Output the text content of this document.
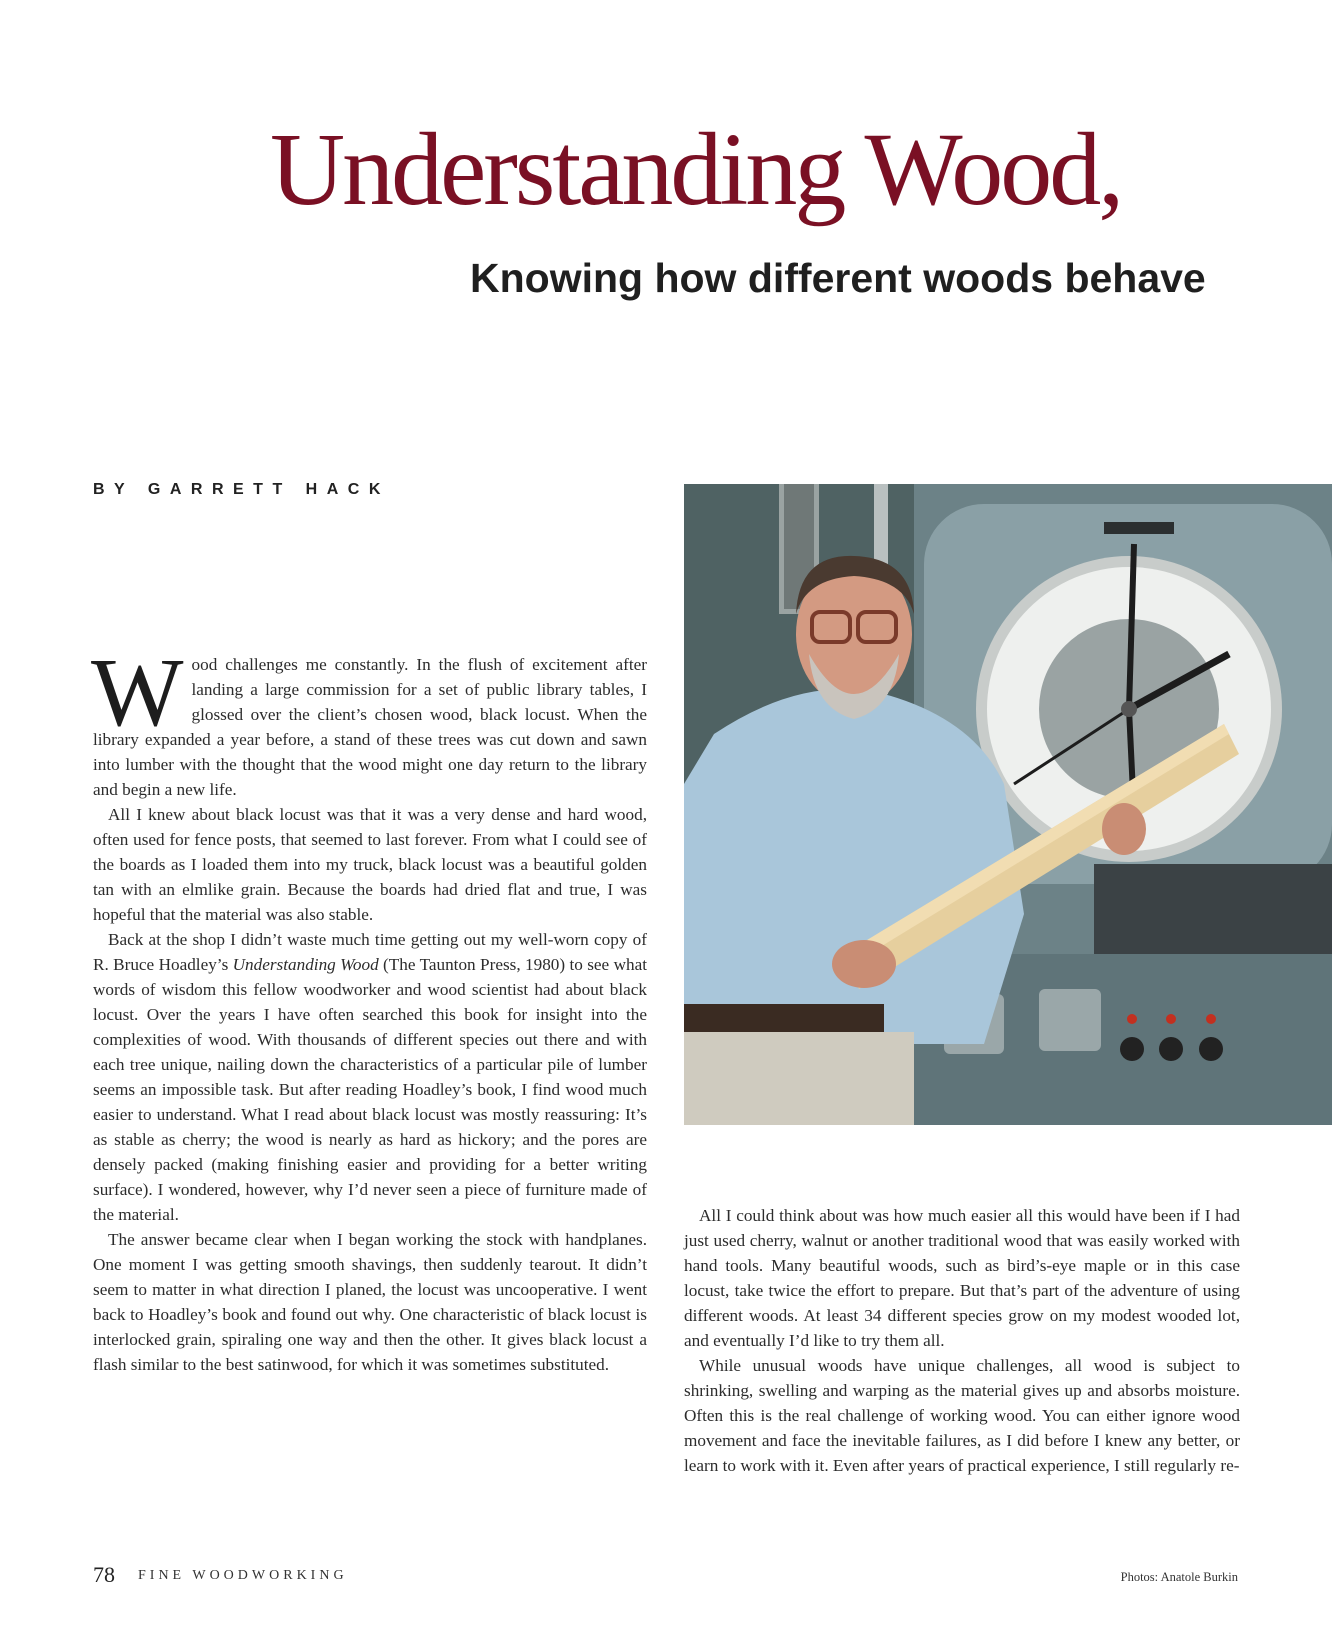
Understanding Wood,
Knowing how different woods behave
BY GARRETT HACK

Wood challenges me constantly. In the flush of excitement after landing a large commission for a set of public library tables, I glossed over the client’s chosen wood, black locust. When the library expanded a year before, a stand of these trees was cut down and sawn into lumber with the thought that the wood might one day return to the library and begin a new life.

All I knew about black locust was that it was a very dense and hard wood, often used for fence posts, that seemed to last forever. From what I could see of the boards as I loaded them into my truck, black locust was a beautiful golden tan with an elmlike grain. Because the boards had dried flat and true, I was hopeful that the material was also stable.

Back at the shop I didn’t waste much time getting out my well-worn copy of R. Bruce Hoadley’s Understanding Wood (The Taunton Press, 1980) to see what words of wisdom this fellow woodworker and wood scientist had about black locust. Over the years I have often searched this book for insight into the complexities of wood. With thousands of different species out there and with each tree unique, nailing down the characteristics of a particular pile of lumber seems an impossible task. But after reading Hoadley’s book, I find wood much easier to understand. What I read about black locust was mostly reassuring: It’s as stable as cherry; the wood is nearly as hard as hickory; and the pores are densely packed (making finishing easier and providing for a better writing surface). I wondered, however, why I’d never seen a piece of furniture made of the material.

The answer became clear when I began working the stock with handplanes. One moment I was getting smooth shavings, then suddenly tearout. It didn’t seem to matter in what direction I planed, the locust was uncooperative. I went back to Hoadley’s book and found out why. One characteristic of black locust is interlocked grain, spiraling one way and then the other. It gives black locust a flash similar to the best satinwood, for which it was sometimes substituted.

All I could think about was how much easier all this would have been if I had just used cherry, walnut or another traditional wood that was easily worked with hand tools. Many beautiful woods, such as bird’s-eye maple or in this case locust, take twice the effort to prepare. But that’s part of the adventure of using different woods. At least 34 different species grow on my modest wooded lot, and eventually I’d like to try them all.

While unusual woods have unique challenges, all wood is subject to shrinking, swelling and warping as the material gives up and absorbs moisture. Often this is the real challenge of working wood. You can either ignore wood movement and face the inevitable failures, as I did before I knew any better, or learn to work with it. Even after years of practical experience, I still regularly re-

78 FINE WOODWORKING	Photos: Anatole Burkin
